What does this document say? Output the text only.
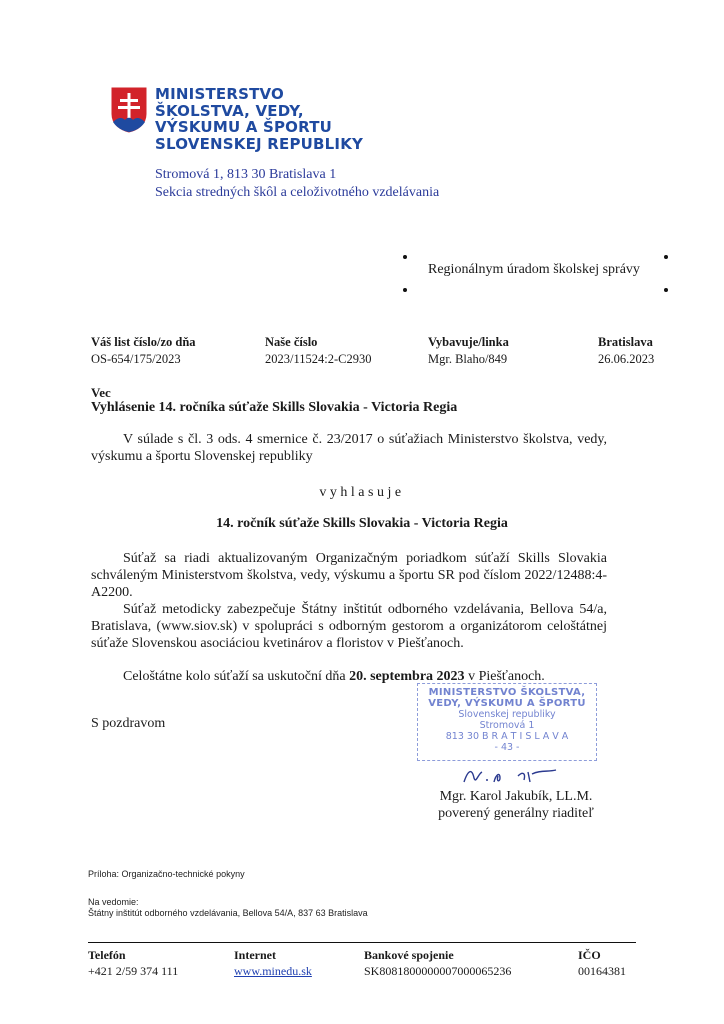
MINISTERSTVO
ŠKOLSTVA, VEDY,
VÝSKUMU A ŠPORTU
SLOVENSKEJ REPUBLIKY
Stromová 1, 813 30 Bratislava 1
Sekcia stredných škôl a celoživotného vzdelávania
Regionálnym úradom školskej správy
Váš list číslo/zo dňa
OS-654/175/2023
Naše číslo
2023/11524:2-C2930
Vybavuje/linka
Mgr. Blaho/849
Bratislava
26.06.2023
Vec
Vyhlásenie 14. ročníka súťaže Skills Slovakia - Victoria Regia
V súlade s čl. 3 ods. 4 smernice č. 23/2017 o súťažiach Ministerstvo školstva, vedy, výskumu a športu Slovenskej republiky
vyhlasuje
14. ročník súťaže Skills Slovakia - Victoria Regia
Súťaž sa riadi aktualizovaným Organizačným poriadkom súťaží Skills Slovakia schváleným Ministerstvom školstva, vedy, výskumu a športu SR pod číslom 2022/12488:4-A2200.
Súťaž metodicky zabezpečuje Štátny inštitút odborného vzdelávania, Bellova 54/a, Bratislava, (www.siov.sk) v spolupráci s odborným gestorom a organizátorom celoštátnej súťaže Slovenskou asociáciou kvetinárov a floristov v Piešťanoch.
Celoštátne kolo súťaží sa uskutoční dňa 20. septembra 2023 v Piešťanoch.
S pozdravom
MINISTERSTVO ŠKOLSTVA,
VEDY, VÝSKUMU A ŠPORTU
Slovenskej republiky
Stromová 1
813 30 B R A T I S L A V A
- 43 -
Mgr. Karol Jakubík, LL.M.
poverený generálny riaditeľ
Príloha: Organizačno-technické pokyny
Na vedomie:
Štátny inštitút odborného vzdelávania, Bellova 54/A, 837 63 Bratislava
Telefón
+421 2/59 374 111
Internet
www.minedu.sk
Bankové spojenie
SK8081800000007000065236
IČO
00164381
